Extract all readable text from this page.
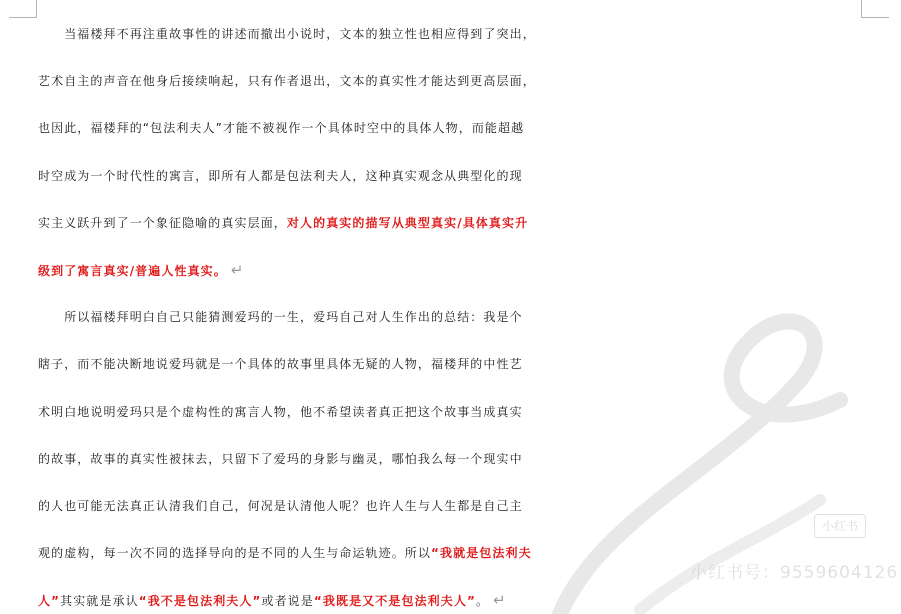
　　当福楼拜不再注重故事性的讲述而撤出小说时，文本的独立性也相应得到了突出，
艺术自主的声音在他身后接续响起，只有作者退出，文本的真实性才能达到更高层面，
也因此，福楼拜的“包法利夫人”才能不被视作一个具体时空中的具体人物，而能超越
时空成为一个时代性的寓言，即所有人都是包法利夫人，这种真实观念从典型化的现
实主义跃升到了一个象征隐喻的真实层面，对人的真实的描写从典型真实/具体真实升
级到了寓言真实/普遍人性真实。 ↵
　　所以福楼拜明白自己只能猜测爱玛的一生，爱玛自己对人生作出的总结：我是个
瞎子，而不能决断地说爱玛就是一个具体的故事里具体无疑的人物，福楼拜的中性艺
术明白地说明爱玛只是个虚构性的寓言人物，他不希望读者真正把这个故事当成真实
的故事，故事的真实性被抹去，只留下了爱玛的身影与幽灵，哪怕我么每一个现实中
的人也可能无法真正认清我们自己，何况是认清他人呢？也许人生与人生都是自己主
观的虚构，每一次不同的选择导向的是不同的人生与命运轨迹。所以“我就是包法利夫
人”其实就是承认“我不是包法利夫人”或者说是“我既是又不是包法利夫人”。 ↵
小红书
小红书号：9559604126
